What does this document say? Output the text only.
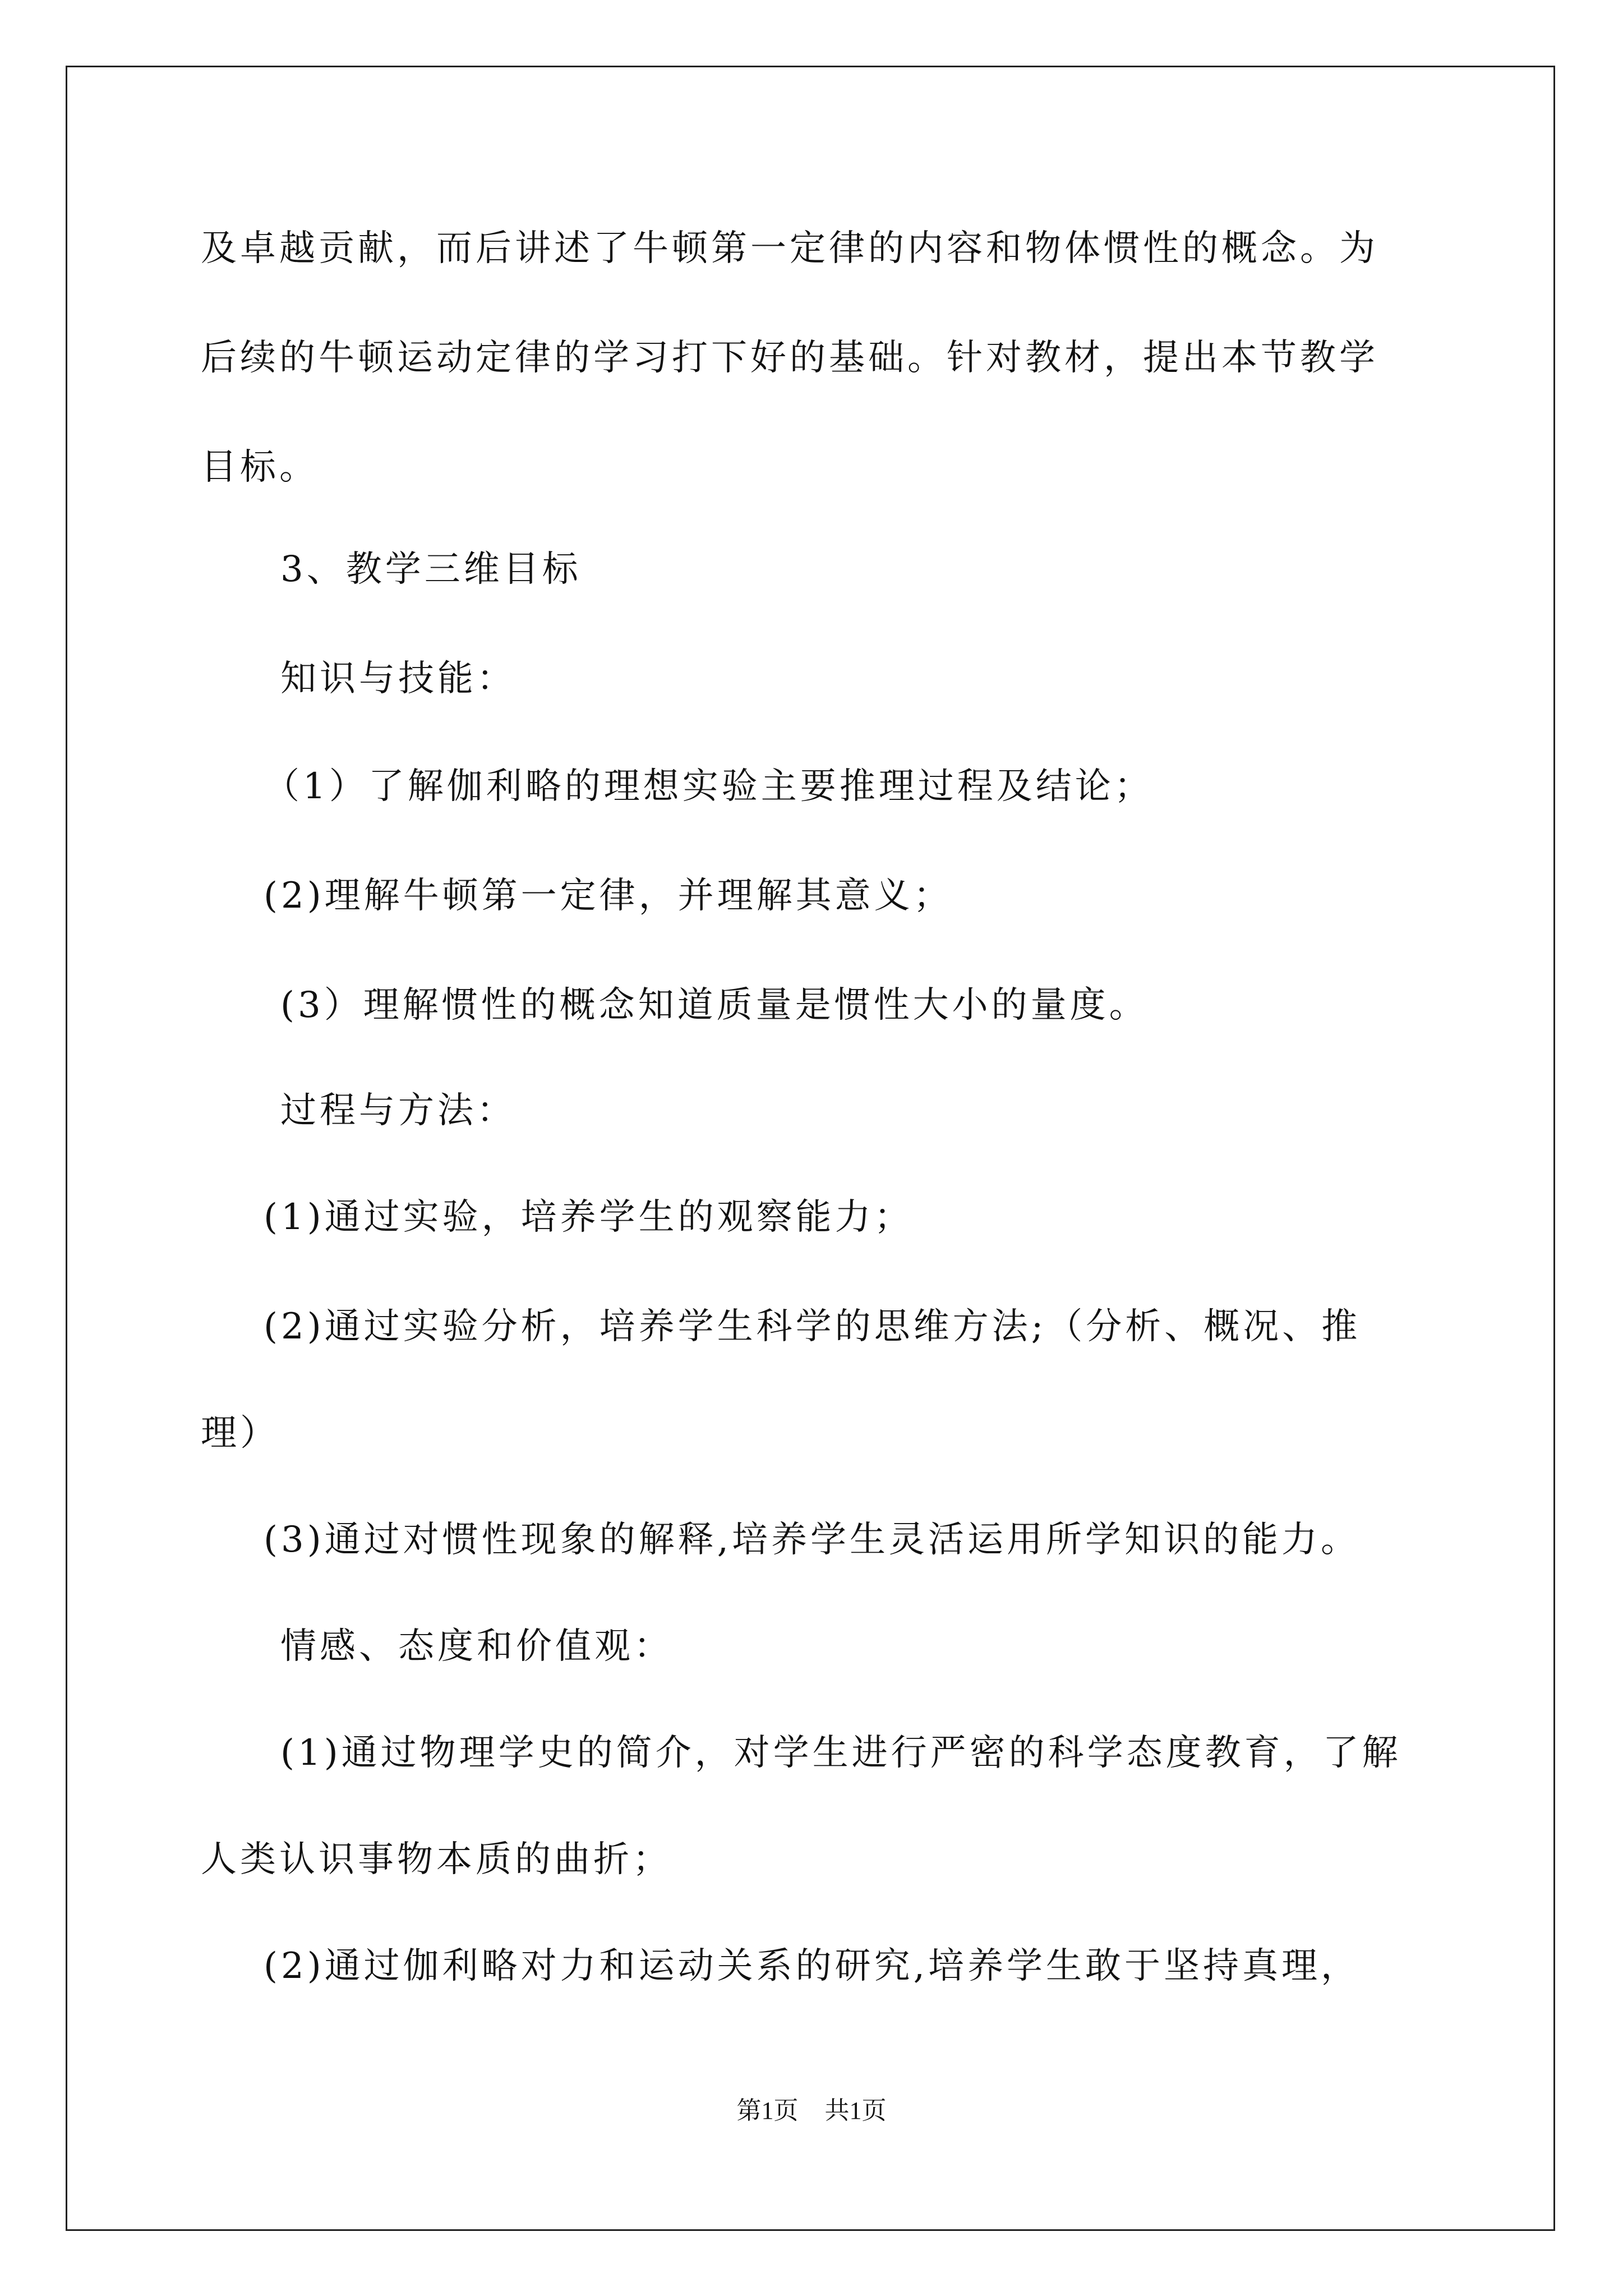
及卓越贡献，而后讲述了牛顿第一定律的内容和物体惯性的概念。为
后续的牛顿运动定律的学习打下好的基础。针对教材，提出本节教学
目标。
3、教学三维目标
知识与技能：
（1）了解伽利略的理想实验主要推理过程及结论；
(2)理解牛顿第一定律，并理解其意义；
(3）理解惯性的概念知道质量是惯性大小的量度。
过程与方法：
(1)通过实验，培养学生的观察能力；
(2)通过实验分析，培养学生科学的思维方法;（分析、概况、推
理）
(3)通过对惯性现象的解释,培养学生灵活运用所学知识的能力。
情感、态度和价值观：
(1)通过物理学史的简介，对学生进行严密的科学态度教育，了解
人类认识事物本质的曲折；
(2)通过伽利略对力和运动关系的研究,培养学生敢于坚持真理，
第1页 共1页
